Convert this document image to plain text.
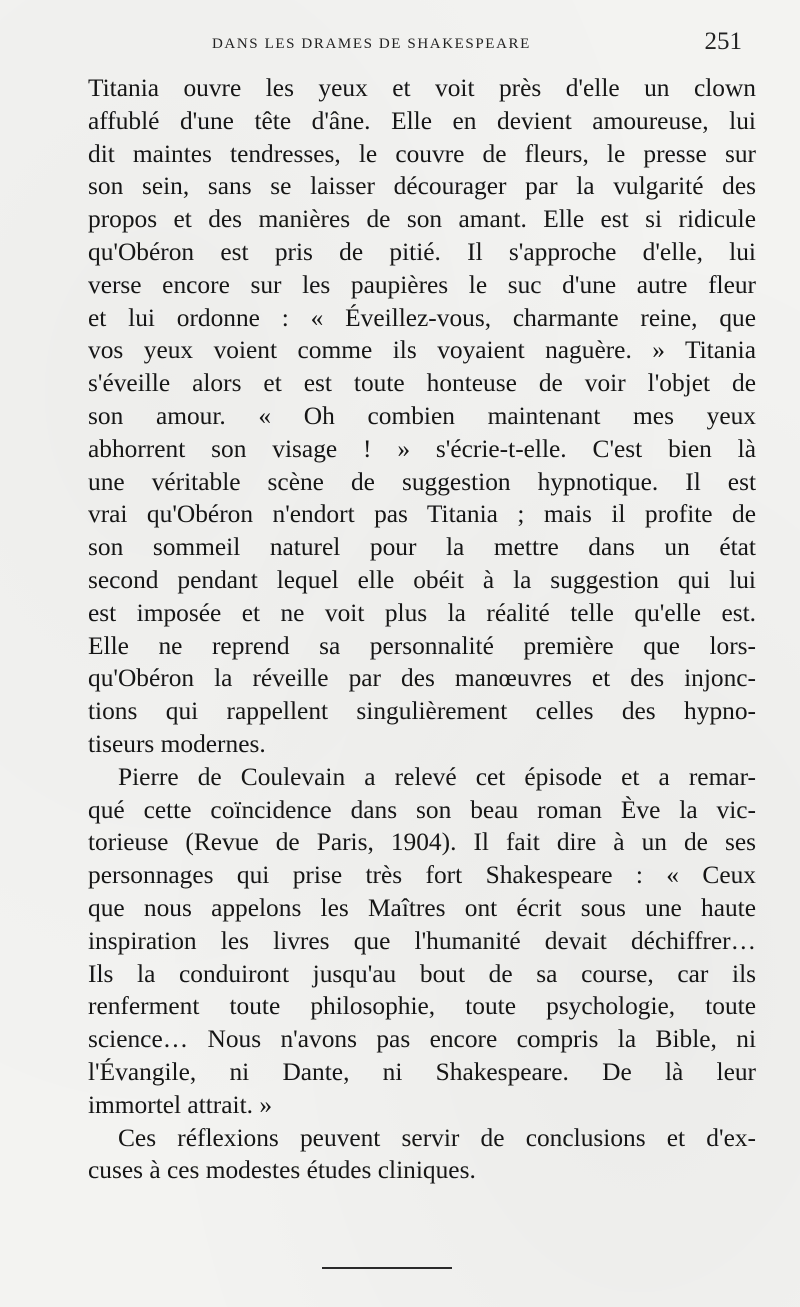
DANS LES DRAMES DE SHAKESPEARE	251

Titania ouvre les yeux et voit près d'elle un clown
affublé d'une tête d'âne. Elle en devient amoureuse, lui
dit maintes tendresses, le couvre de fleurs, le presse sur
son sein, sans se laisser décourager par la vulgarité des
propos et des manières de son amant. Elle est si ridicule
qu'Obéron est pris de pitié. Il s'approche d'elle, lui
verse encore sur les paupières le suc d'une autre fleur
et lui ordonne : « Éveillez-vous, charmante reine, que
vos yeux voient comme ils voyaient naguère. » Titania
s'éveille alors et est toute honteuse de voir l'objet de
son amour. « Oh combien maintenant mes yeux
abhorrent son visage ! » s'écrie-t-elle. C'est bien là
une véritable scène de suggestion hypnotique. Il est
vrai qu'Obéron n'endort pas Titania ; mais il profite de
son sommeil naturel pour la mettre dans un état
second pendant lequel elle obéit à la suggestion qui lui
est imposée et ne voit plus la réalité telle qu'elle est.
Elle ne reprend sa personnalité première que lors-
qu'Obéron la réveille par des manœuvres et des injonc-
tions qui rappellent singulièrement celles des hypno-
tiseurs modernes.

Pierre de Coulevain a relevé cet épisode et a remar-
qué cette coïncidence dans son beau roman Ève la vic-
torieuse (Revue de Paris, 1904). Il fait dire à un de ses
personnages qui prise très fort Shakespeare : « Ceux
que nous appelons les Maîtres ont écrit sous une haute
inspiration les livres que l'humanité devait déchiffrer…
Ils la conduiront jusqu'au bout de sa course, car ils
renferment toute philosophie, toute psychologie, toute
science… Nous n'avons pas encore compris la Bible, ni
l'Évangile, ni Dante, ni Shakespeare. De là leur
immortel attrait. »

Ces réflexions peuvent servir de conclusions et d'ex-
cuses à ces modestes études cliniques.
